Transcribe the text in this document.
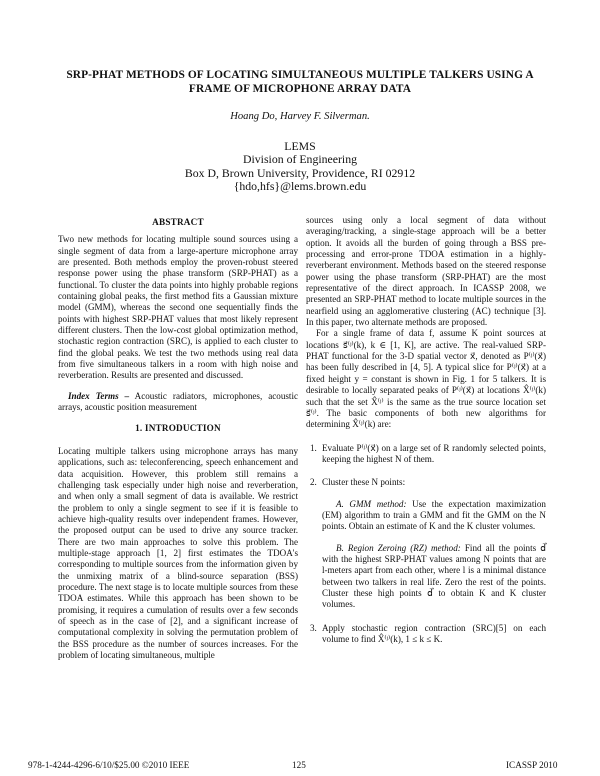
SRP-PHAT METHODS OF LOCATING SIMULTANEOUS MULTIPLE TALKERS USING A
FRAME OF MICROPHONE ARRAY DATA
Hoang Do, Harvey F. Silverman.
LEMS
Division of Engineering
Box D, Brown University, Providence, RI 02912
{hdo,hfs}@lems.brown.edu
ABSTRACT

Two new methods for locating multiple sound sources using a single segment of data from a large-aperture microphone array are presented. Both methods employ the proven-robust steered response power using the phase transform (SRP-PHAT) as a functional. To cluster the data points into highly probable regions containing global peaks, the first method fits a Gaussian mixture model (GMM), whereas the second one sequentially finds the points with highest SRP-PHAT values that most likely represent different clusters. Then the low-cost global optimization method, stochastic region contraction (SRC), is applied to each cluster to find the global peaks. We test the two methods using real data from five simultaneous talkers in a room with high noise and reverberation. Results are presented and discussed.

Index Terms – Acoustic radiators, microphones, acoustic arrays, acoustic position measurement

1. INTRODUCTION

Locating multiple talkers using microphone arrays has many applications, such as: teleconferencing, speech enhancement and data acquisition. However, this problem still remains a challenging task especially under high noise and reverberation, and when only a small segment of data is available. We restrict the problem to only a single segment to see if it is feasible to achieve high-quality results over independent frames. However, the proposed output can be used to drive any source tracker. There are two main approaches to solve this problem. The multiple-stage approach [1, 2] first estimates the TDOA's corresponding to multiple sources from the information given by the unmixing matrix of a blind-source separation (BSS) procedure. The next stage is to locate multiple sources from these TDOA estimates. While this approach has been shown to be promising, it requires a cumulation of results over a few seconds of speech as in the case of [2], and a significant increase of computational complexity in solving the permutation problem of the BSS procedure as the number of sources increases. For the problem of locating simultaneous, multiple

sources using only a local segment of data without averaging/tracking, a single-stage approach will be a better option. It avoids all the burden of going through a BSS pre-processing and error-prone TDOA estimation in a highly-reverberant environment. Methods based on the steered response power using the phase transform (SRP-PHAT) are the most representative of the direct approach. In ICASSP 2008, we presented an SRP-PHAT method to locate multiple sources in the nearfield using an agglomerative clustering (AC) technique [3]. In this paper, two alternate methods are proposed.

For a single frame of data f, assume K point sources at locations s⃗⁽ʲ⁾(k), k ∈ [1, K], are active. The real-valued SRP-PHAT functional for the 3-D spatial vector x⃗, denoted as P⁽ʲ⁾(x⃗) has been fully described in [4, 5]. A typical slice for P⁽ʲ⁾(x⃗) at a fixed height y = constant is shown in Fig. 1 for 5 talkers. It is desirable to locally separated peaks of P⁽ʲ⁾(x⃗) at locations X̂⁽ʲ⁾(k) such that the set X̂⁽ʲ⁾ is the same as the true source location set s⃗⁽ʲ⁾. The basic components of both new algorithms for determining X̂⁽ʲ⁾(k) are:

1. Evaluate P⁽ʲ⁾(x⃗) on a large set of R randomly selected points, keeping the highest N of them.
2. Cluster these N points:

A. GMM method: Use the expectation maximization (EM) algorithm to train a GMM and fit the GMM on the N points. Obtain an estimate of K and the K cluster volumes.

B. Region Zeroing (RZ) method: Find all the points d⃗ with the highest SRP-PHAT values among N points that are l-meters apart from each other, where l is a minimal distance between two talkers in real life. Zero the rest of the points. Cluster these high points d⃗ to obtain K and K cluster volumes.

3. Apply stochastic region contraction (SRC)[5] on each volume to find X̂⁽ʲ⁾(k), 1 ≤ k ≤ K.
978-1-4244-4296-6/10/$25.00 ©2010 IEEE	125	ICASSP 2010
